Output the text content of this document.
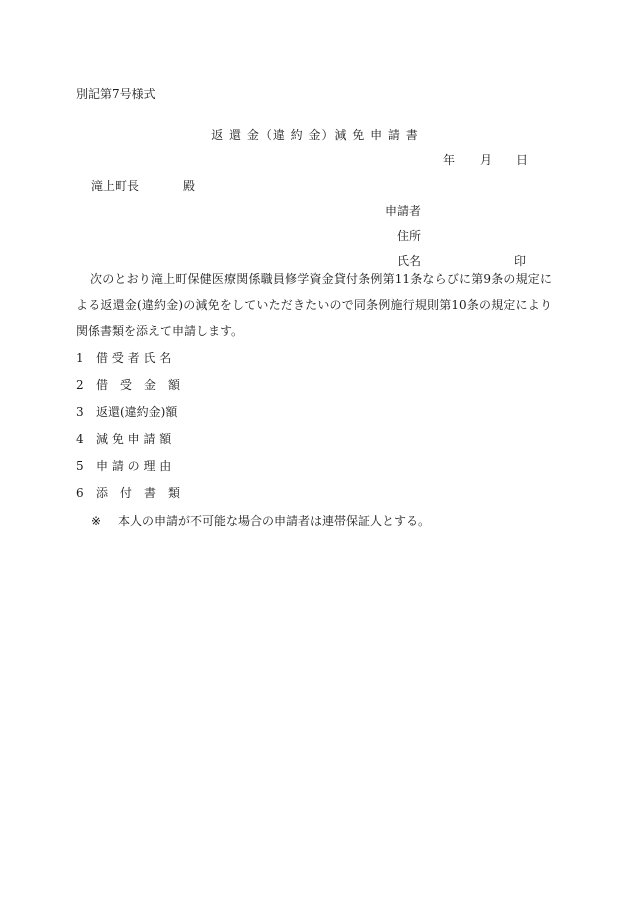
別記第7号様式
返 還 金（違 約 金）減 免 申 請 書
年 月 日
滝上町長	殿
申請者
住所
氏名	印
次のとおり滝上町保健医療関係職員修学資金貸付条例第11条ならびに第9条の規定による返還金(違約金)の減免をしていただきたいので同条例施行規則第10条の規定により関係書類を添えて申請します。
1 借 受 者 氏 名
2 借　受　金　額
3 返還(違約金)額
4 減 免 申 請 額
5 申 請 の 理 由
6 添　付　書　類
※ 本人の申請が不可能な場合の申請者は連帯保証人とする。
